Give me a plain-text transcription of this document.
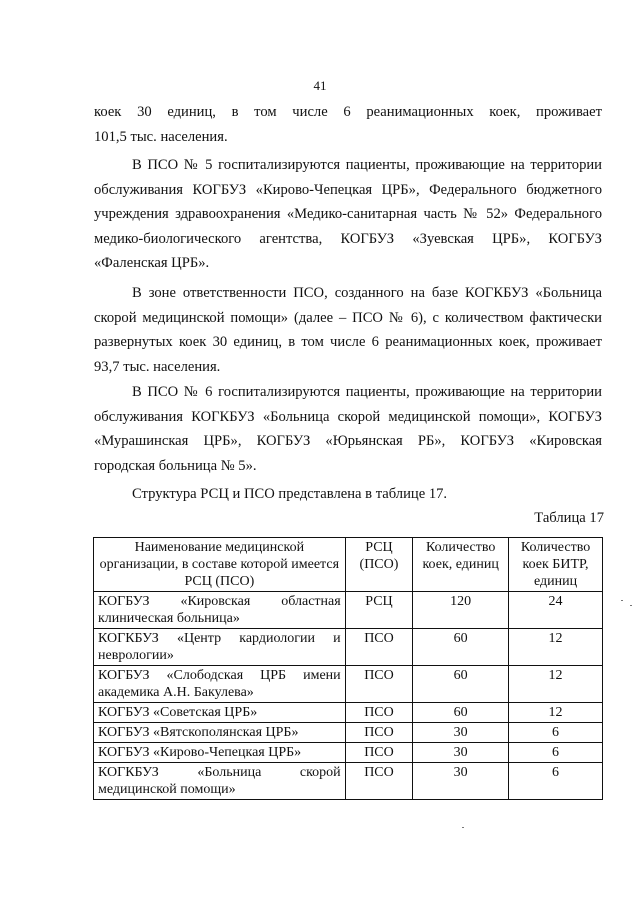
41
коек 30 единиц, в том числе 6 реанимационных коек, проживает
101,5 тыс. населения.
В ПСО № 5 госпитализируются пациенты, проживающие на территории
обслуживания КОГБУЗ «Кирово-Чепецкая ЦРБ», Федерального бюджетного
учреждения здравоохранения «Медико-санитарная часть № 52» Федерального
медико-биологического агентства, КОГБУЗ «Зуевская ЦРБ», КОГБУЗ
«Фаленская ЦРБ».
В зоне ответственности ПСО, созданного на базе КОГКБУЗ «Больница
скорой медицинской помощи» (далее – ПСО № 6), с количеством фактически
развернутых коек 30 единиц, в том числе 6 реанимационных коек, проживает
93,7 тыс. населения.
В ПСО № 6 госпитализируются пациенты, проживающие на территории
обслуживания КОГКБУЗ «Больница скорой медицинской помощи», КОГБУЗ
«Мурашинская ЦРБ», КОГБУЗ «Юрьянская РБ», КОГБУЗ «Кировская
городская больница № 5».
Структура РСЦ и ПСО представлена в таблице 17.
Таблица 17
Наименование медицинской организации, в составе которой имеется РСЦ (ПСО)	РСЦ (ПСО)	Количество коек, единиц	Количество коек БИТР, единиц
КОГБУЗ «Кировская областная клиническая больница»	РСЦ	120	24
КОГКБУЗ «Центр кардиологии и неврологии»	ПСО	60	12
КОГБУЗ «Слободская ЦРБ имени академика А.Н. Бакулева»	ПСО	60	12
КОГБУЗ «Советская ЦРБ»	ПСО	60	12
КОГБУЗ «Вятскополянская ЦРБ»	ПСО	30	6
КОГБУЗ «Кирово-Чепецкая ЦРБ»	ПСО	30	6
КОГКБУЗ «Больница скорой медицинской помощи»	ПСО	30	6
